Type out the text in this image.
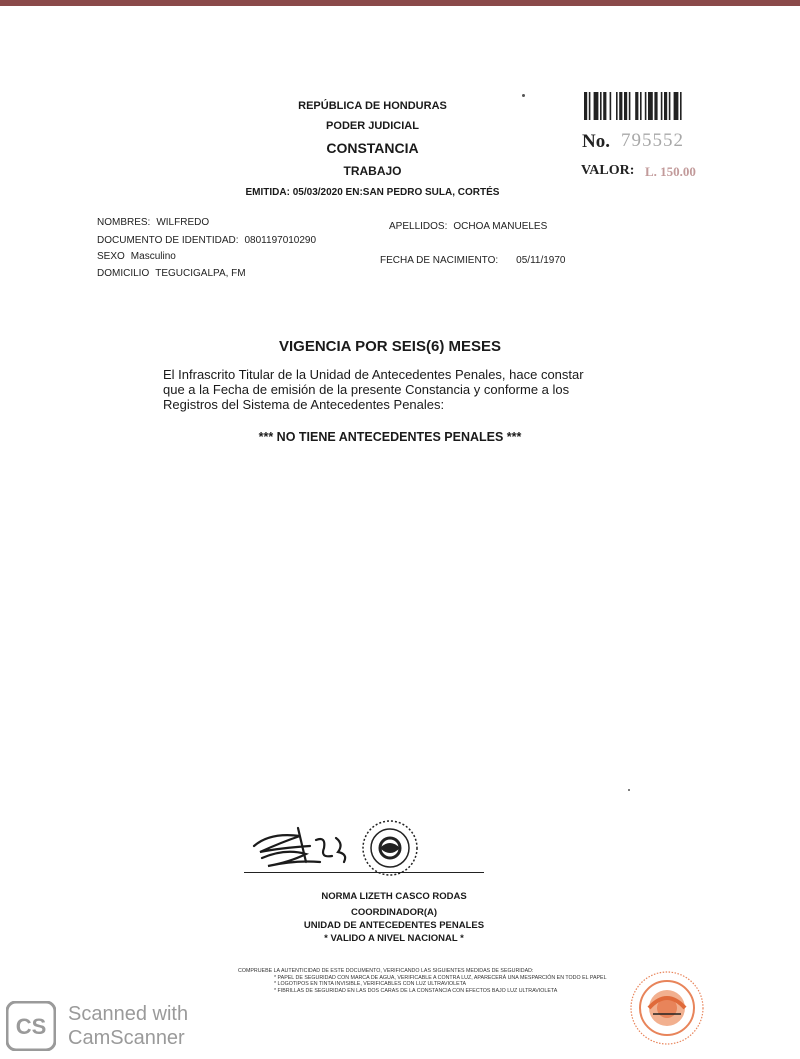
REPÚBLICA DE HONDURAS
PODER JUDICIAL
CONSTANCIA
TRABAJO
EMITIDA: 05/03/2020 EN:SAN PEDRO SULA, CORTÉS
No. 795552
VALOR: L. 150.00
NOMBRES: WILFREDO	APELLIDOS: OCHOA MANUELES
DOCUMENTO DE IDENTIDAD: 0801197010290
SEXO Masculino	FECHA DE NACIMIENTO: 05/11/1970
DOMICILIO TEGUCIGALPA, FM
VIGENCIA POR SEIS(6) MESES
El Infrascrito Titular de la Unidad de Antecedentes Penales, hace constar
que a la Fecha de emisión de la presente Constancia y conforme a los
Registros del Sistema de Antecedentes Penales:
*** NO TIENE ANTECEDENTES PENALES ***
NORMA LIZETH CASCO RODAS
COORDINADOR(A)
UNIDAD DE ANTECEDENTES PENALES
* VALIDO A NIVEL NACIONAL *
COMPRUEBE LA AUTENTICIDAD DE ESTE DOCUMENTO, VERIFICANDO LAS SIGUIENTES MEDIDAS DE SEGURIDAD:
* PAPEL DE SEGURIDAD CON MARCA DE AGUA, VERIFICABLE A CONTRA LUZ, APARECERÁ UNA MESPARCIÓN EN TODO EL PAPEL
* LOGOTIPOS EN TINTA INVISIBLE, VERIFICABLES CON LUZ ULTRAVIOLETA
* FIBRILLAS DE SEGURIDAD EN LAS DOS CARAS DE LA CONSTANCIA CON EFECTOS BAJO LUZ ULTRAVIOLETA
CS Scanned with
CamScanner
